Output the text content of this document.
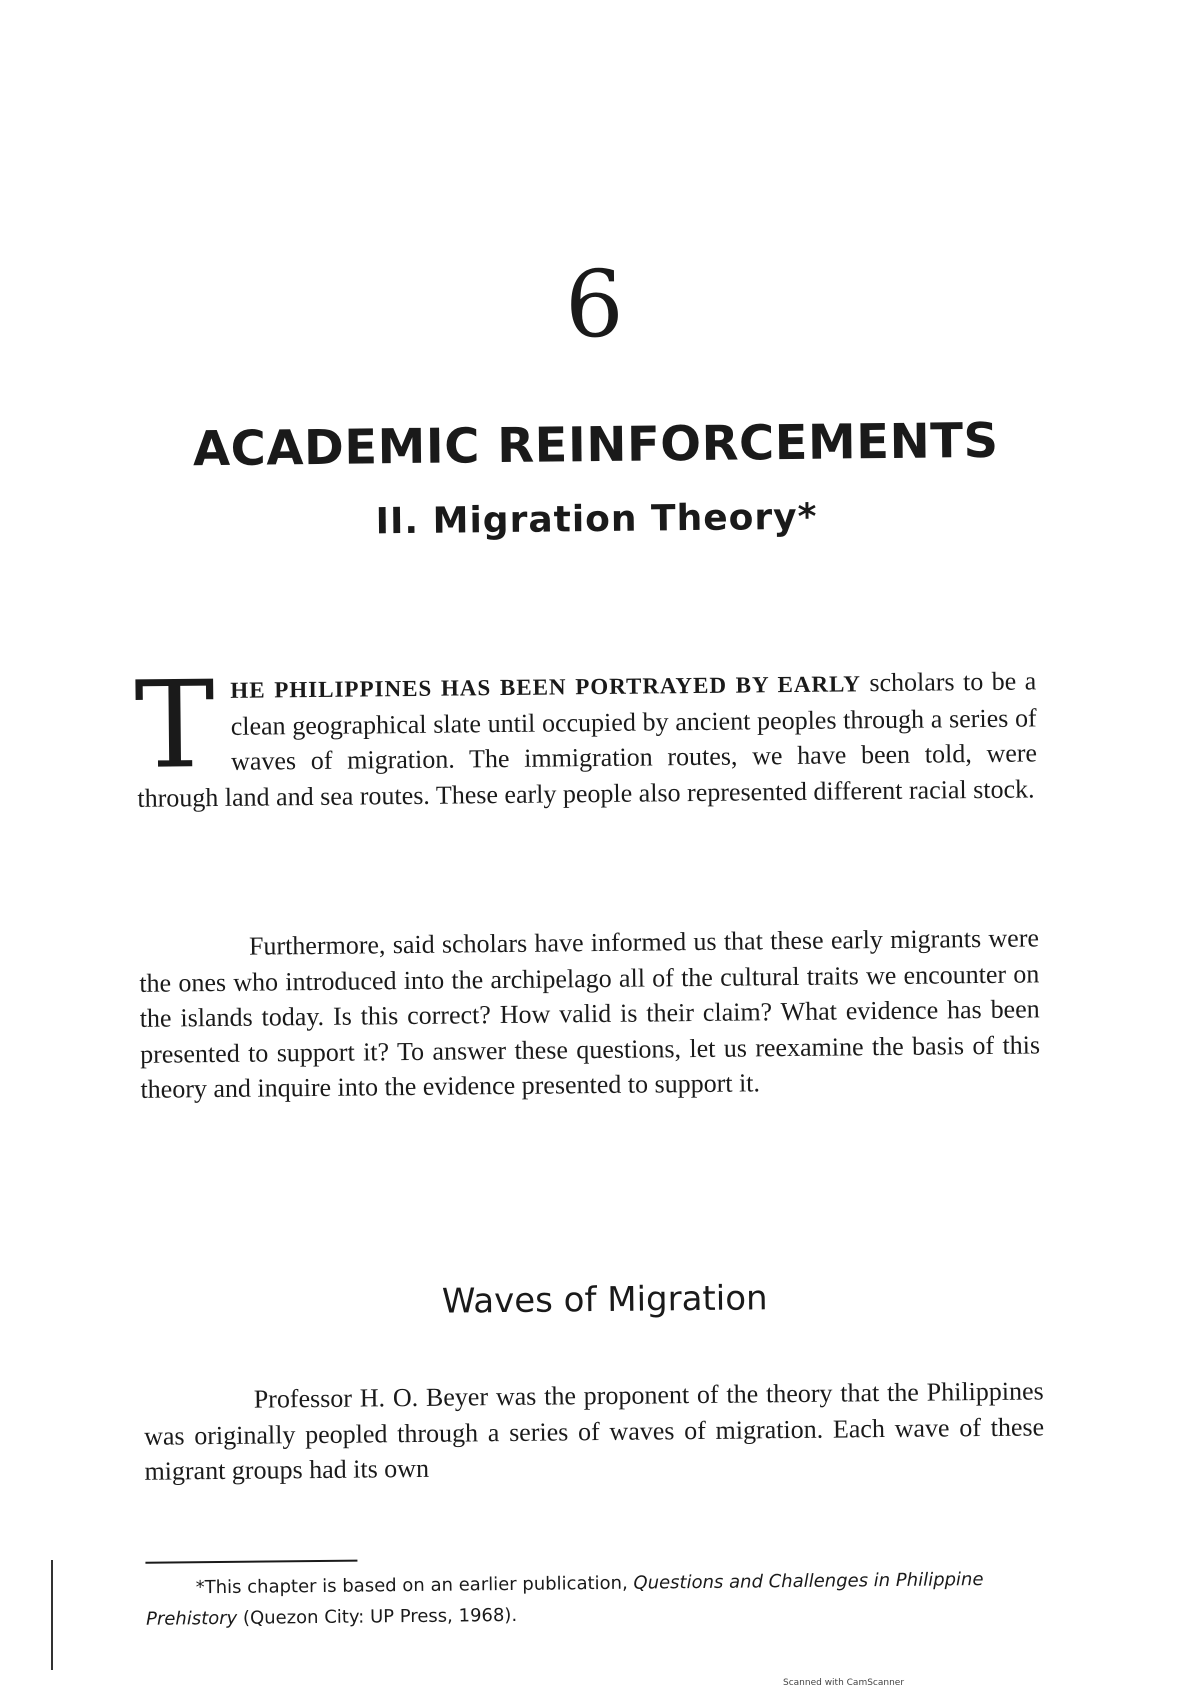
6
ACADEMIC REINFORCEMENTS
II. Migration Theory*
THE PHILIPPINES HAS BEEN PORTRAYED BY EARLY scholars to be a clean geographical slate until occupied by ancient peoples through a series of waves of migration. The immigration routes, we have been told, were through land and sea routes. These early people also represented different racial stock.
Furthermore, said scholars have informed us that these early migrants were the ones who introduced into the archipelago all of the cultural traits we encounter on the islands today. Is this correct? How valid is their claim? What evidence has been presented to support it? To answer these questions, let us reexamine the basis of this theory and inquire into the evidence presented to support it.
Waves of Migration
Professor H. O. Beyer was the proponent of the theory that the Philippines was originally peopled through a series of waves of migration. Each wave of these migrant groups had its own
*This chapter is based on an earlier publication, Questions and Challenges in Philippine Prehistory (Quezon City: UP Press, 1968).
Scanned with CamScanner
